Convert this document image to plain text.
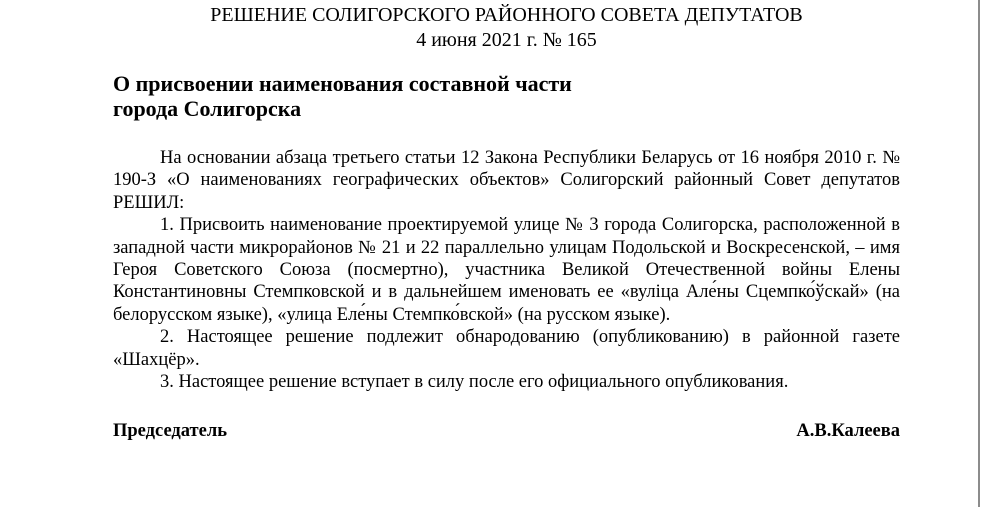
РЕШЕНИЕ СОЛИГОРСКОГО РАЙОННОГО СОВЕТА ДЕПУТАТОВ
4 июня 2021 г. № 165
О присвоении наименования составной части
города Солигорска

На основании абзаца третьего статьи 12 Закона Республики Беларусь от 16 ноября 2010 г. № 190-З «О наименованиях географических объектов» Солигорский районный Совет депутатов РЕШИЛ:

1. Присвоить наименование проектируемой улице № 3 города Солигорска, расположенной в западной части микрорайонов № 21 и 22 параллельно улицам Подольской и Воскресенской, – имя Героя Советского Союза (посмертно), участника Великой Отечественной войны Елены Константиновны Стемпковской и в дальнейшем именовать ее «вуліца Але́ны Сцемпко́ўскай» (на белорусском языке), «улица Еле́ны Стемпко́вской» (на русском языке).

2. Настоящее решение подлежит обнародованию (опубликованию) в районной газете «Шахцёр».

3. Настоящее решение вступает в силу после его официального опубликования.

Председатель	А.В.Калеева
